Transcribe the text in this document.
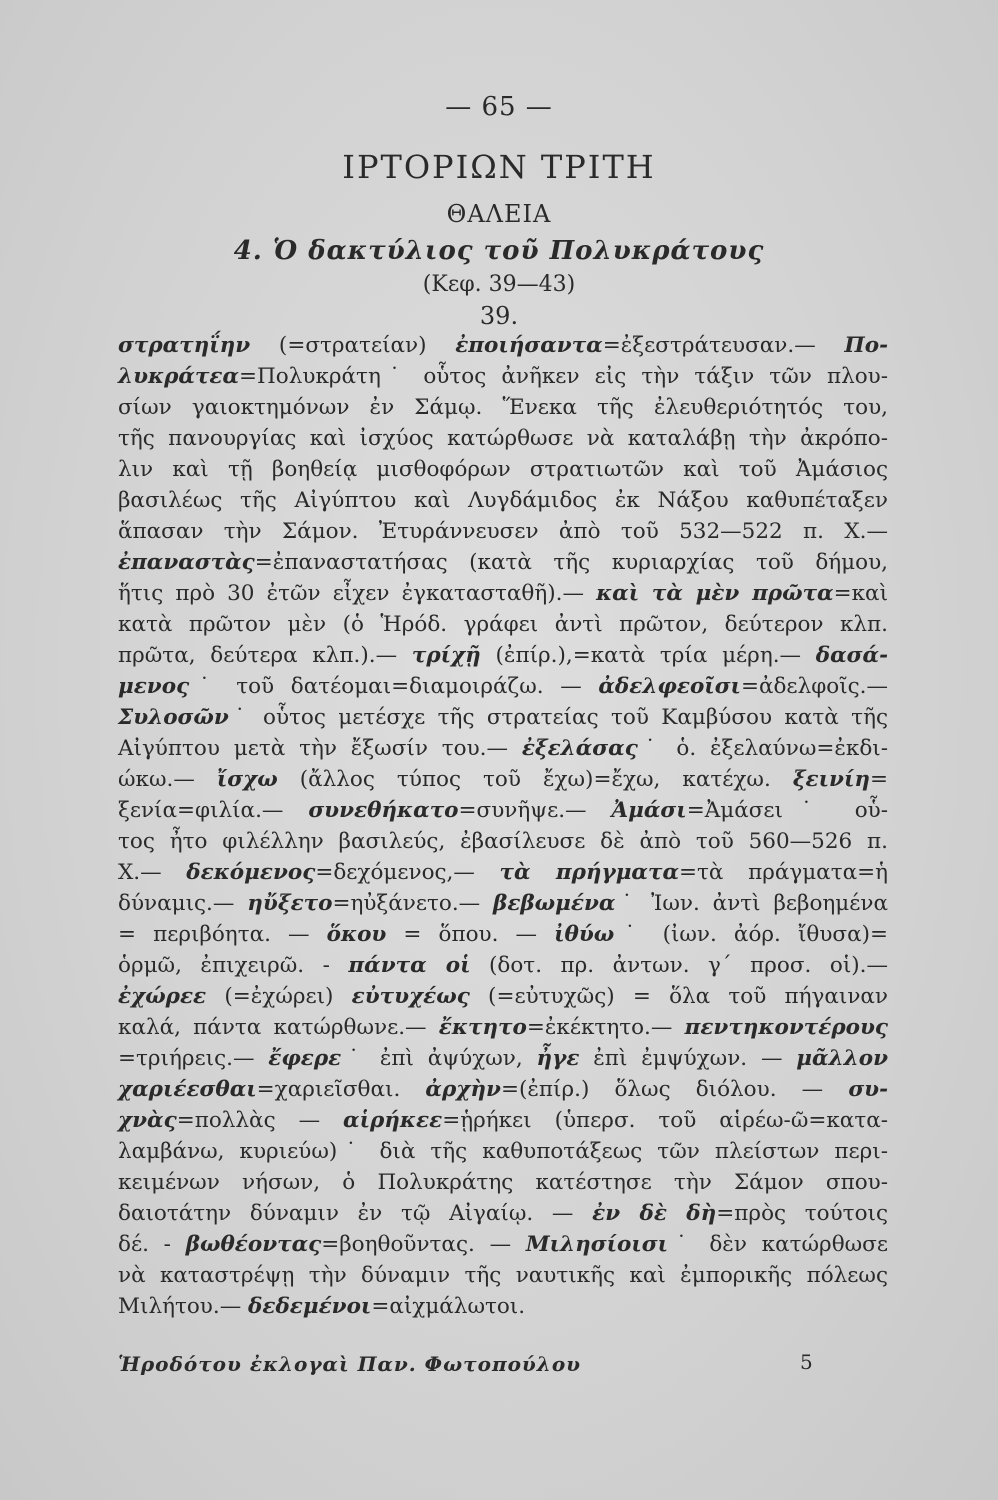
— 65 —
ΙΡΤΟΡΙΩΝ ΤΡΙΤΗ
ΘΑΛΕΙΑ
4. Ὁ δακτύλιος τοῦ Πολυκράτους
(Κεφ. 39—43)
39.
στρατηΐην (=στρατείαν) ἐποιήσαντα=ἐξεστράτευσαν.— Πο-
λυκράτεα=Πολυκράτη˙ οὗτος ἀνῆκεν εἰς τὴν τάξιν τῶν πλου-
σίων γαιοκτημόνων ἐν Σάμῳ. Ἕνεκα τῆς ἐλευθεριότητός του,
τῆς πανουργίας καὶ ἰσχύος κατώρθωσε νὰ καταλάβῃ τὴν ἀκρόπο-
λιν καὶ τῇ βοηθείᾳ μισθοφόρων στρατιωτῶν καὶ τοῦ Ἀμάσιος
βασιλέως τῆς Αἰγύπτου καὶ Λυγδάμιδος ἐκ Νάξου καθυπέταξεν
ἅπασαν τὴν Σάμον. Ἐτυράννευσεν ἀπὸ τοῦ 532—522 π. Χ.—
ἐπαναστὰς=ἐπαναστατήσας (κατὰ τῆς κυριαρχίας τοῦ δήμου,
ἥτις πρὸ 30 ἐτῶν εἶχεν ἐγκατασταθῆ).— καὶ τὰ μὲν πρῶτα=καὶ
κατὰ πρῶτον μὲν (ὁ Ἡρόδ. γράφει ἀντὶ πρῶτον, δεύτερον κλπ.
πρῶτα, δεύτερα κλπ.).— τρίχῇ (ἐπίρ.),=κατὰ τρία μέρη.— δασά-
μενος˙ τοῦ δατέομαι=διαμοιράζω. — ἀδελφεοῖσι=ἀδελφοῖς.—
Συλοσῶν˙ οὗτος μετέσχε τῆς στρατείας τοῦ Καμβύσου κατὰ τῆς
Αἰγύπτου μετὰ τὴν ἔξωσίν του.— ἐξελάσας˙ ὁ. ἐξελαύνω=ἐκδι-
ώκω.— ἴσχω (ἄλλος τύπος τοῦ ἔχω)=ἔχω, κατέχω. ξεινίη=
ξενία=φιλία.— συνεθήκατο=συνῆψε.— Ἀμάσι=Ἀμάσει˙ οὗ-
τος ἦτο φιλέλλην βασιλεύς, ἐβασίλευσε δὲ ἀπὸ τοῦ 560—526 π.
Χ.— δεκόμενος=δεχόμενος,— τὰ πρήγματα=τὰ πράγματα=ἡ
δύναμις.— ηὔξετο=ηὐξάνετο.— βεβωμένα˙ Ἰων. ἀντὶ βεβοημένα
= περιβόητα. — ὅκου = ὅπου. — ἰθύω˙ (ἰων. ἀόρ. ἴθυσα)=
ὁρμῶ, ἐπιχειρῶ. - πάντα οἱ (δοτ. πρ. ἀντων. γ΄ προσ. οἱ).—
ἐχώρεε (=ἐχώρει) εὐτυχέως (=εὐτυχῶς) = ὅλα τοῦ πήγαιναν
καλά, πάντα κατώρθωνε.— ἔκτητο=ἐκέκτητο.— πεντηκοντέρους
=τριήρεις.— ἔφερε˙ ἐπὶ ἀψύχων, ἦγε ἐπὶ ἐμψύχων. — μᾶλλον
χαριέεσθαι=χαριεῖσθαι. ἀρχὴν=(ἐπίρ.) ὅλως διόλου. — συ-
χνὰς=πολλὰς — αἱρήκεε=ᾑρήκει (ὑπερσ. τοῦ αἱρέω-ῶ=κατα-
λαμβάνω, κυριεύω)˙ διὰ τῆς καθυποτάξεως τῶν πλείστων περι-
κειμένων νήσων, ὁ Πολυκράτης κατέστησε τὴν Σάμον σπου-
δαιοτάτην δύναμιν ἐν τῷ Αἰγαίῳ. — ἐν δὲ δὴ=πρὸς τούτοις
δέ. - βωθέοντας=βοηθοῦντας. — Μιλησίοισι˙ δὲν κατώρθωσε
νὰ καταστρέψῃ τὴν δύναμιν τῆς ναυτικῆς καὶ ἐμπορικῆς πόλεως
Μιλήτου.— δεδεμένοι=αἰχμάλωτοι.
Ἡροδότου ἐκλογαὶ Παν. Φωτοπούλου	5
